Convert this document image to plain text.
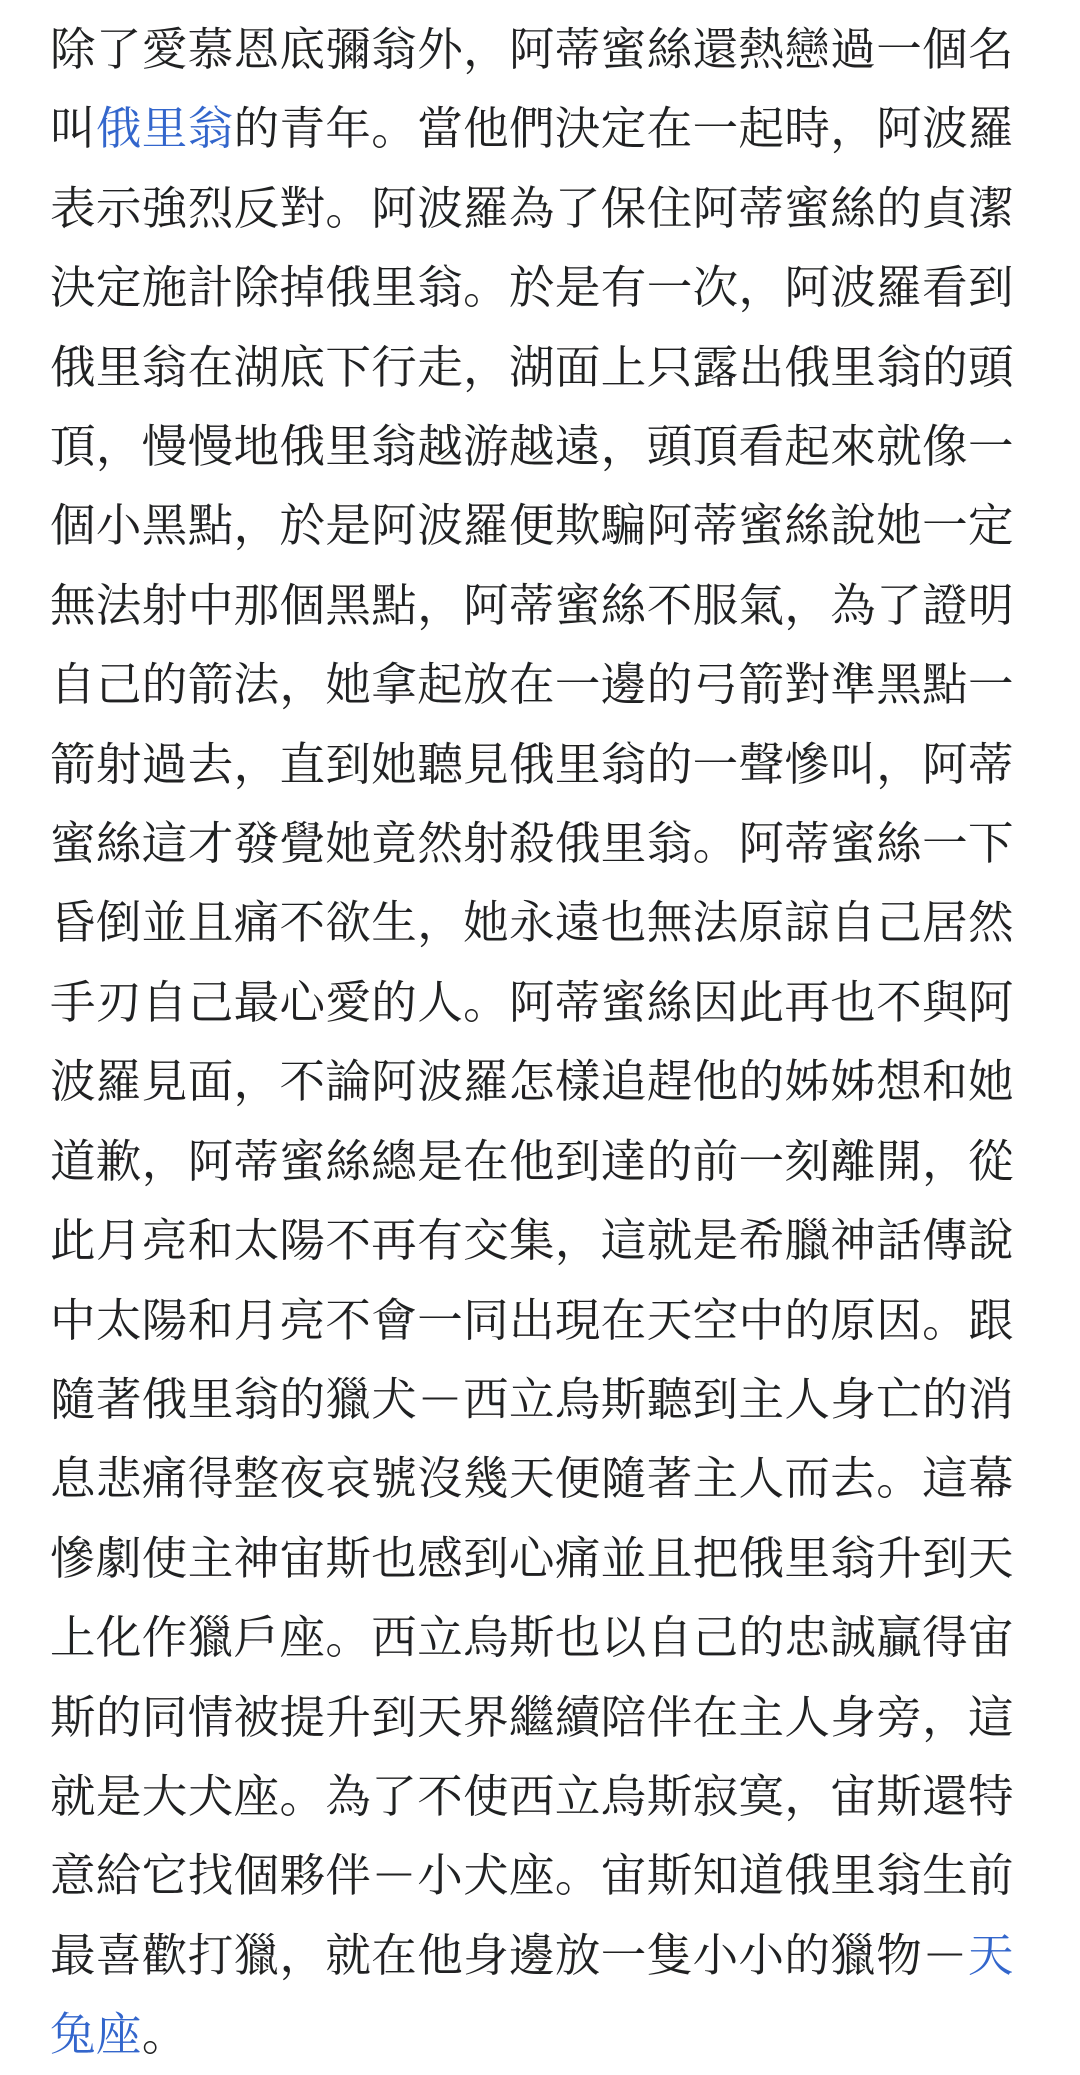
除了愛慕恩底彌翁外，阿蒂蜜絲還熱戀過一個名叫俄里翁的青年。當他們決定在一起時，阿波羅表示強烈反對。阿波羅為了保住阿蒂蜜絲的貞潔決定施計除掉俄里翁。於是有一次，阿波羅看到俄里翁在湖底下行走，湖面上只露出俄里翁的頭頂，慢慢地俄里翁越游越遠，頭頂看起來就像一個小黑點，於是阿波羅便欺騙阿蒂蜜絲說她一定無法射中那個黑點，阿蒂蜜絲不服氣，為了證明自己的箭法，她拿起放在一邊的弓箭對準黑點一箭射過去，直到她聽見俄里翁的一聲慘叫，阿蒂蜜絲這才發覺她竟然射殺俄里翁。阿蒂蜜絲一下昏倒並且痛不欲生，她永遠也無法原諒自己居然手刃自己最心愛的人。阿蒂蜜絲因此再也不與阿波羅見面，不論阿波羅怎樣追趕他的姊姊想和她道歉，阿蒂蜜絲總是在他到達的前一刻離開，從此月亮和太陽不再有交集，這就是希臘神話傳說中太陽和月亮不會一同出現在天空中的原因。跟隨著俄里翁的獵犬－西立烏斯聽到主人身亡的消息悲痛得整夜哀號沒幾天便隨著主人而去。這幕慘劇使主神宙斯也感到心痛並且把俄里翁升到天上化作獵戶座。西立烏斯也以自己的忠誠贏得宙斯的同情被提升到天界繼續陪伴在主人身旁，這就是大犬座。為了不使西立烏斯寂寞，宙斯還特意給它找個夥伴－小犬座。宙斯知道俄里翁生前最喜歡打獵，就在他身邊放一隻小小的獵物－天兔座。
